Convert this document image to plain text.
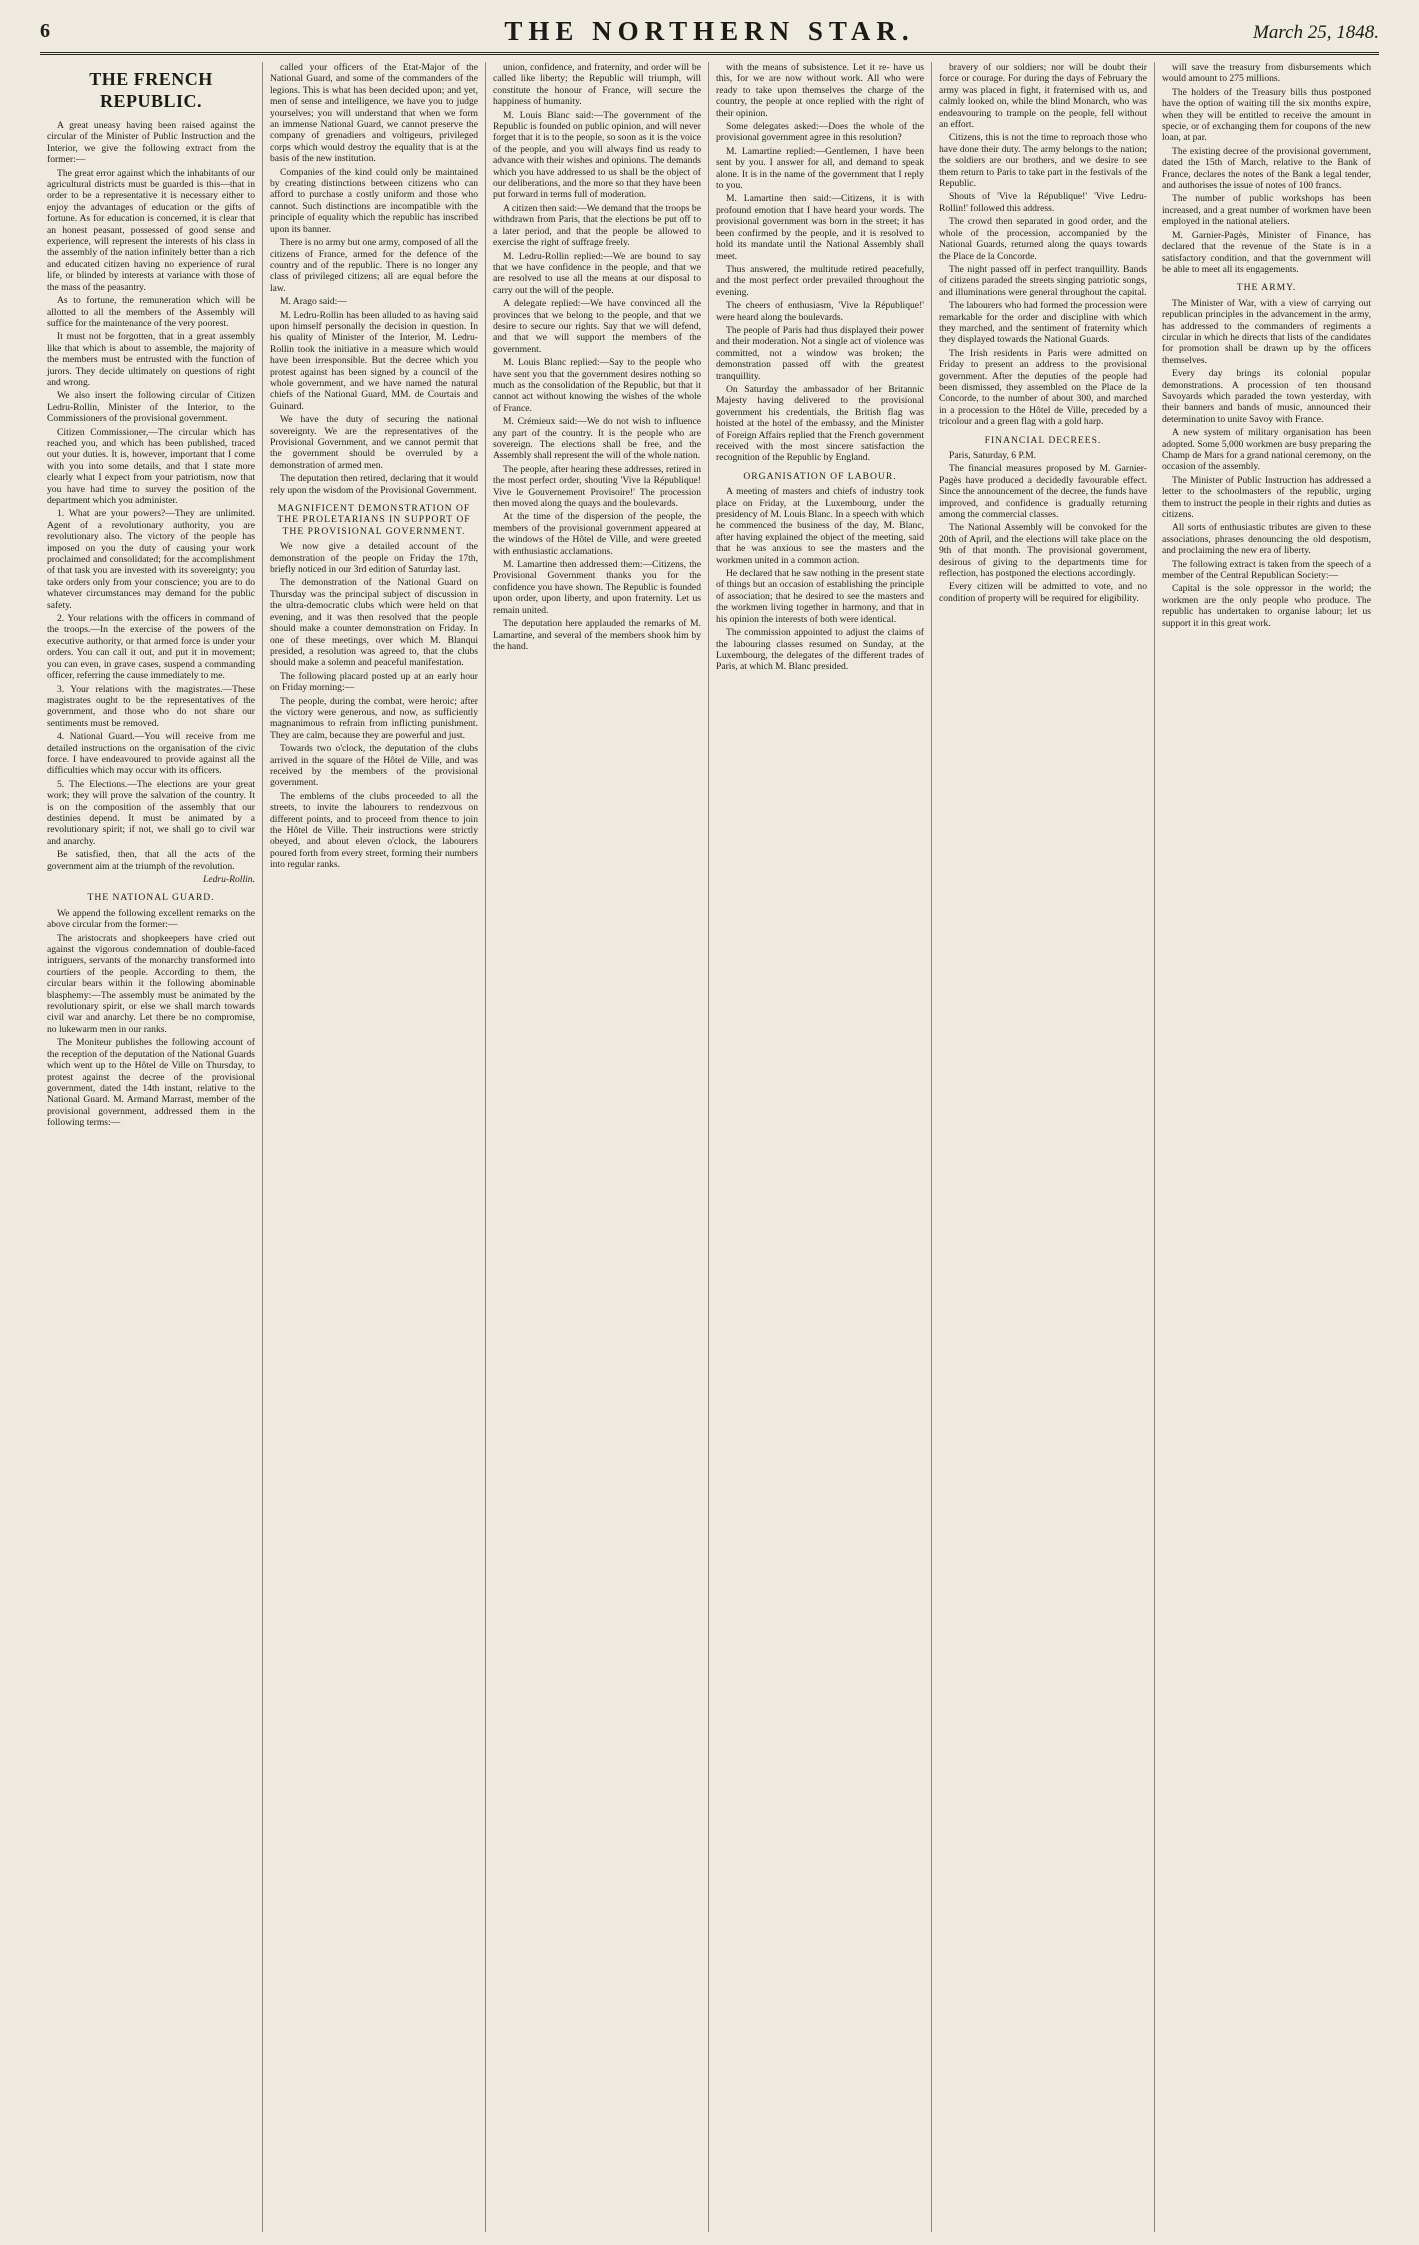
6	THE NORTHERN STAR.	March 25, 1848.
THE FRENCH REPUBLIC.

A great uneasy having been raised against the circular of the Minister of Public Instruction and the Interior, we give the following extract from the former:—

The great error against which the inhabitants of our agricultural districts must be guarded is this—that in order to be a representative it is necessary either to enjoy the advantages of education or the gifts of fortune. As for education is concerned, it is clear that an honest peasant, possessed of good sense and experience, will represent the interests of his class in the assembly of the nation infinitely better than a rich and educated citizen having no experience of rural life, or blinded by interests at variance with those of the mass of the peasantry.

As to fortune, the remuneration which will be allotted to all the members of the Assembly will suffice for the maintenance of the very poorest.

It must not be forgotten, that in a great assembly like that which is about to assemble, the majority of the members must be entrusted with the function of jurors. They decide ultimately on questions of right and wrong.

We also insert the following circular of Citizen Ledru-Rollin, Minister of the Interior, to the Commissioners of the provisional government.

Citizen Commissioner,—The circular which has reached you, and which has been published, traced out your duties. It is, however, important that I come with you into some details, and that I state more clearly what I expect from your patriotism, now that you have had time to survey the position of the department which you administer.

1. What are your powers?—They are unlimited. Agent of a revolutionary authority, you are revolutionary also. The victory of the people has imposed on you the duty of causing your work proclaimed and consolidated; for the accomplishment of that task you are invested with its sovereignty; you take orders only from your conscience; you are to do whatever circumstances may demand for the public safety.

2. Your relations with the officers in command of the troops.—In the exercise of the powers of the executive authority, or that armed force is under your orders. You can call it out, and put it in movement; you can even, in grave cases, suspend a commanding officer, referring the cause immediately to me.

3. Your relations with the magistrates.—These magistrates ought to be the representatives of the government, and those who do not share our sentiments must be removed.

4. National Guard.—You will receive from me detailed instructions on the organisation of the civic force. I have endeavoured to provide against all the difficulties which may occur with its officers.

5. The Elections.—The elections are your great work; they will prove the salvation of the country. It is on the composition of the assembly that our destinies depend. It must be animated by a revolutionary spirit; if not, we shall go to civil war and anarchy.

Be satisfied, then, that all the acts of the government aim at the triumph of the revolution.

Ledru-Rollin.
THE NATIONAL GUARD.

We append the following excellent remarks on the above circular from the former:—

The aristocrats and shopkeepers have cried out against the vigorous condemnation of double-faced intriguers, servants of the monarchy transformed into courtiers of the people. According to them, the circular bears within it the following abominable blasphemy:—The assembly must be animated by the revolutionary spirit, or else we shall march towards civil war and anarchy. Let there be no compromise, no lukewarm men in our ranks.

The Moniteur publishes the following account of the reception of the deputation of the National Guards which went up to the Hôtel de Ville on Thursday, to protest against the decree of the provisional government, dated the 14th instant, relative to the National Guard. M. Armand Marrast, member of the provisional government, addressed them in the following terms:—

called your officers of the Etat-Major of the National Guard, and some of the commanders of the legions. This is what has been decided upon; and yet, men of sense and intelligence, we have you to judge yourselves; you will understand that when we form an immense National Guard, we cannot preserve the company of grenadiers and voltigeurs, privileged corps which would destroy the equality that is at the basis of the new institution.

Companies of the kind could only be maintained by creating distinctions between citizens who can afford to purchase a costly uniform and those who cannot. Such distinctions are incompatible with the principle of equality which the republic has inscribed upon its banner.

There is no army but one army, composed of all the citizens of France, armed for the defence of the country and of the republic. There is no longer any class of privileged citizens; all are equal before the law.

M. Arago said:—

M. Ledru-Rollin has been alluded to as having said upon himself personally the decision in question. In his quality of Minister of the Interior, M. Ledru-Rollin took the initiative in a measure which would have been irresponsible. But the decree which you protest against has been signed by a council of the whole government, and we have named the natural chiefs of the National Guard, MM. de Courtais and Guinard.

We have the duty of securing the national sovereignty. We are the representatives of the Provisional Government, and we cannot permit that the government should be overruled by a demonstration of armed men.

The deputation then retired, declaring that it would rely upon the wisdom of the Provisional Government.

MAGNIFICENT DEMONSTRATION OF THE PROLETARIANS IN SUPPORT OF THE PROVISIONAL GOVERNMENT.

We now give a detailed account of the demonstration of the people on Friday the 17th, briefly noticed in our 3rd edition of Saturday last.

The demonstration of the National Guard on Thursday was the principal subject of discussion in the ultra-democratic clubs which were held on that evening, and it was then resolved that the people should make a counter demonstration on Friday. In one of these meetings, over which M. Blanqui presided, a resolution was agreed to, that the clubs should make a solemn and peaceful manifestation.

The following placard posted up at an early hour on Friday morning:—

The people, during the combat, were heroic; after the victory were generous, and now, as sufficiently magnanimous to refrain from inflicting punishment. They are calm, because they are powerful and just.

Towards two o'clock, the deputation of the clubs arrived in the square of the Hôtel de Ville, and was received by the members of the provisional government.

The emblems of the clubs proceeded to all the streets, to invite the labourers to rendezvous on different points, and to proceed from thence to join the Hôtel de Ville. Their instructions were strictly obeyed, and about eleven o'clock, the labourers poured forth from every street, forming their numbers into regular ranks.

union, confidence, and fraternity, and order will be called like liberty; the Republic will triumph, will constitute the honour of France, will secure the happiness of humanity.

M. Louis Blanc said:—The government of the Republic is founded on public opinion, and will never forget that it is to the people, so soon as it is the voice of the people, and you will always find us ready to advance with their wishes and opinions. The demands which you have addressed to us shall be the object of our deliberations, and the more so that they have been put forward in terms full of moderation.

A citizen then said:—We demand that the troops be withdrawn from Paris, that the elections be put off to a later period, and that the people be allowed to exercise the right of suffrage freely.

M. Ledru-Rollin replied:—We are bound to say that we have confidence in the people, and that we are resolved to use all the means at our disposal to carry out the will of the people.

A delegate replied:—We have convinced all the provinces that we belong to the people, and that we desire to secure our rights. Say that we will defend, and that we will support the members of the government.

M. Louis Blanc replied:—Say to the people who have sent you that the government desires nothing so much as the consolidation of the Republic, but that it cannot act without knowing the wishes of the whole of France.

M. Crémieux said:—We do not wish to influence any part of the country. It is the people who are sovereign. The elections shall be free, and the Assembly shall represent the will of the whole nation.

The people, after hearing these addresses, retired in the most perfect order, shouting 'Vive la République! Vive le Gouvernement Provisoire!' The procession then moved along the quays and the boulevards.

At the time of the dispersion of the people, the members of the provisional government appeared at the windows of the Hôtel de Ville, and were greeted with enthusiastic acclamations.

M. Lamartine then addressed them:—Citizens, the Provisional Government thanks you for the confidence you have shown. The Republic is founded upon order, upon liberty, and upon fraternity. Let us remain united.

The deputation here applauded the remarks of M. Lamartine, and several of the members shook him by the hand.

with the means of subsistence. Let it re- have us this, for we are now without work. All who were ready to take upon themselves the charge of the country, the people at once replied with the right of their opinion.

Some delegates asked:—Does the whole of the provisional government agree in this resolution?

M. Lamartine replied:—Gentlemen, I have been sent by you. I answer for all, and demand to speak alone. It is in the name of the government that I reply to you.

M. Lamartine then said:—Citizens, it is with profound emotion that I have heard your words. The provisional government was born in the street; it has been confirmed by the people, and it is resolved to hold its mandate until the National Assembly shall meet.

Thus answered, the multitude retired peacefully, and the most perfect order prevailed throughout the evening.

The cheers of enthusiasm, 'Vive la République!' were heard along the boulevards.

The people of Paris had thus displayed their power and their moderation. Not a single act of violence was committed, not a window was broken; the demonstration passed off with the greatest tranquillity.

On Saturday the ambassador of her Britannic Majesty having delivered to the provisional government his credentials, the British flag was hoisted at the hotel of the embassy, and the Minister of Foreign Affairs replied that the French government received with the most sincere satisfaction the recognition of the Republic by England.

ORGANISATION OF LABOUR.

A meeting of masters and chiefs of industry took place on Friday, at the Luxembourg, under the presidency of M. Louis Blanc. In a speech with which he commenced the business of the day, M. Blanc, after having explained the object of the meeting, said that he was anxious to see the masters and the workmen united in a common action.

He declared that he saw nothing in the present state of things but an occasion of establishing the principle of association; that he desired to see the masters and the workmen living together in harmony, and that in his opinion the interests of both were identical.

The commission appointed to adjust the claims of the labouring classes resumed on Sunday, at the Luxembourg, the delegates of the different trades of Paris, at which M. Blanc presided.

bravery of our soldiers; nor will be doubt their force or courage. For during the days of February the army was placed in fight, it fraternised with us, and calmly looked on, while the blind Monarch, who was endeavouring to trample on the people, fell without an effort.

Citizens, this is not the time to reproach those who have done their duty. The army belongs to the nation; the soldiers are our brothers, and we desire to see them return to Paris to take part in the festivals of the Republic.

Shouts of 'Vive la République!' 'Vive Ledru-Rollin!' followed this address.

The crowd then separated in good order, and the whole of the procession, accompanied by the National Guards, returned along the quays towards the Place de la Concorde.

The night passed off in perfect tranquillity. Bands of citizens paraded the streets singing patriotic songs, and illuminations were general throughout the capital.

The labourers who had formed the procession were remarkable for the order and discipline with which they marched, and the sentiment of fraternity which they displayed towards the National Guards.

The Irish residents in Paris were admitted on Friday to present an address to the provisional government. After the deputies of the people had been dismissed, they assembled on the Place de la Concorde, to the number of about 300, and marched in a procession to the Hôtel de Ville, preceded by a tricolour and a green flag with a gold harp.

FINANCIAL DECREES.

Paris, Saturday, 6 P.M.

The financial measures proposed by M. Garnier-Pagès have produced a decidedly favourable effect. Since the announcement of the decree, the funds have improved, and confidence is gradually returning among the commercial classes.

The National Assembly will be convoked for the 20th of April, and the elections will take place on the 9th of that month. The provisional government, desirous of giving to the departments time for reflection, has postponed the elections accordingly.

Every citizen will be admitted to vote, and no condition of property will be required for eligibility.

will save the treasury from disbursements which would amount to 275 millions.

The holders of the Treasury bills thus postponed have the option of waiting till the six months expire, when they will be entitled to receive the amount in specie, or of exchanging them for coupons of the new loan, at par.

The existing decree of the provisional government, dated the 15th of March, relative to the Bank of France, declares the notes of the Bank a legal tender, and authorises the issue of notes of 100 francs.

The number of public workshops has been increased, and a great number of workmen have been employed in the national ateliers.

M. Garnier-Pagès, Minister of Finance, has declared that the revenue of the State is in a satisfactory condition, and that the government will be able to meet all its engagements.

THE ARMY.

The Minister of War, with a view of carrying out republican principles in the advancement in the army, has addressed to the commanders of regiments a circular in which he directs that lists of the candidates for promotion shall be drawn up by the officers themselves.

Every day brings its colonial popular demonstrations. A procession of ten thousand Savoyards which paraded the town yesterday, with their banners and bands of music, announced their determination to unite Savoy with France.

A new system of military organisation has been adopted. Some 5,000 workmen are busy preparing the Champ de Mars for a grand national ceremony, on the occasion of the assembly.

The Minister of Public Instruction has addressed a letter to the schoolmasters of the republic, urging them to instruct the people in their rights and duties as citizens.

All sorts of enthusiastic tributes are given to these associations, phrases denouncing the old despotism, and proclaiming the new era of liberty.

The following extract is taken from the speech of a member of the Central Republican Society:—

Capital is the sole oppressor in the world; the workmen are the only people who produce. The republic has undertaken to organise labour; let us support it in this great work.
